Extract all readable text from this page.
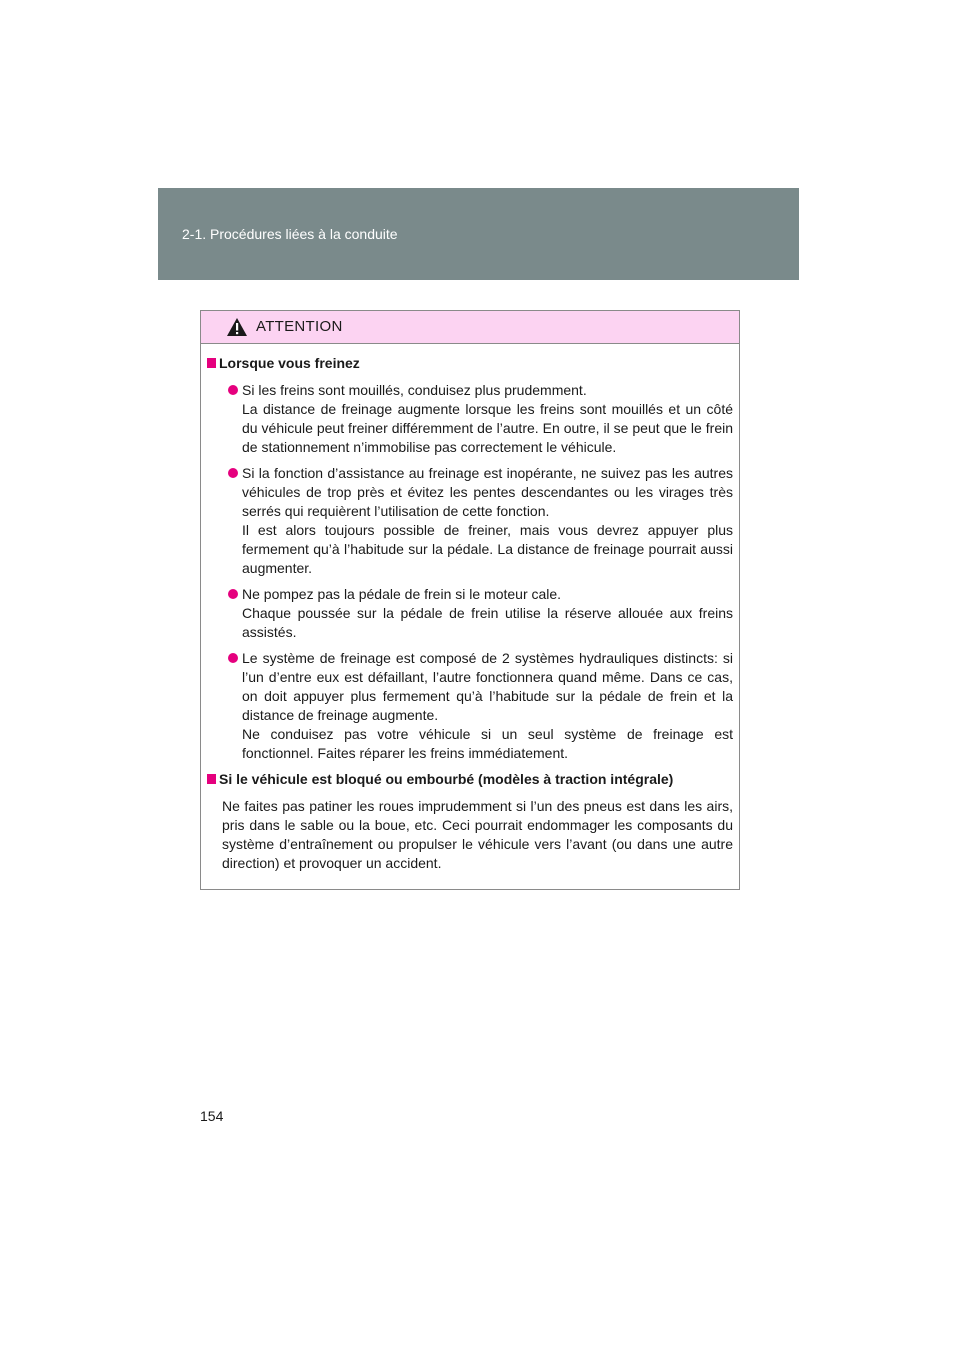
2-1. Procédures liées à la conduite
ATTENTION
Lorsque vous freinez

Si les freins sont mouillés, conduisez plus prudemment.

La distance de freinage augmente lorsque les freins sont mouillés et un côté du véhicule peut freiner différemment de l’autre. En outre, il se peut que le frein de stationnement n’immobilise pas correctement le véhicule.

Si la fonction d’assistance au freinage est inopérante, ne suivez pas les autres véhicules de trop près et évitez les pentes descendantes ou les virages très serrés qui requièrent l’utilisation de cette fonction.

Il est alors toujours possible de freiner, mais vous devrez appuyer plus fermement qu’à l’habitude sur la pédale. La distance de freinage pourrait aussi augmenter.

Ne pompez pas la pédale de frein si le moteur cale.

Chaque poussée sur la pédale de frein utilise la réserve allouée aux freins assistés.

Le système de freinage est composé de 2 systèmes hydrauliques distincts: si l’un d’entre eux est défaillant, l’autre fonctionnera quand même. Dans ce cas, on doit appuyer plus fermement qu’à l’habitude sur la pédale de frein et la distance de freinage augmente.

Ne conduisez pas votre véhicule si un seul système de freinage est fonctionnel. Faites réparer les freins immédiatement.

Si le véhicule est bloqué ou embourbé (modèles à traction intégrale)

Ne faites pas patiner les roues imprudemment si l’un des pneus est dans les airs, pris dans le sable ou la boue, etc. Ceci pourrait endommager les composants du système d’entraînement ou propulser le véhicule vers l’avant (ou dans une autre direction) et provoquer un accident.

154
